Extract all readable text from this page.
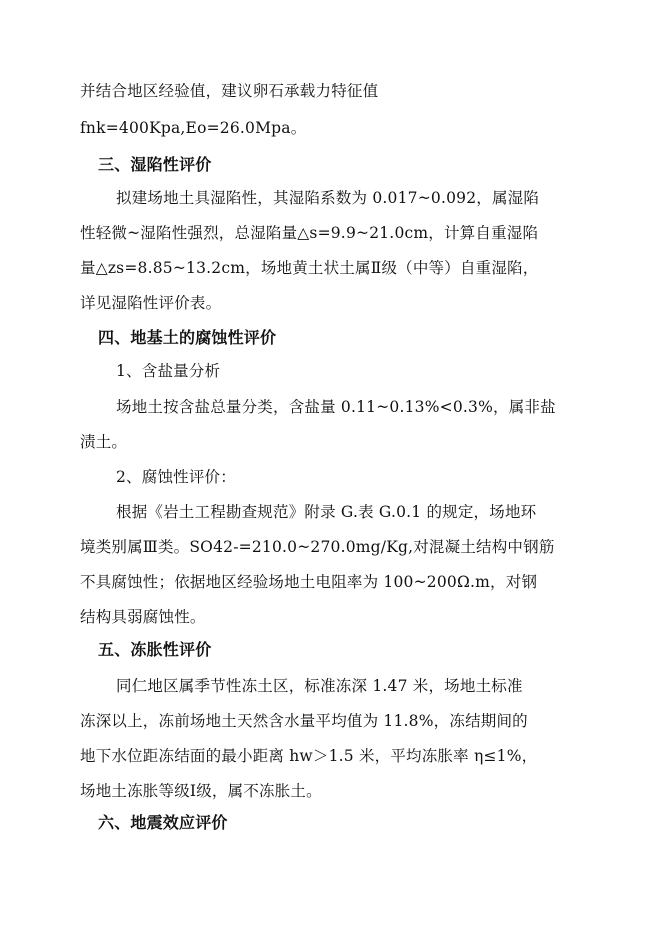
并结合地区经验值，建议卵石承载力特征值
fnk=400Kpa,Eo=26.0Mpa。
三、湿陷性评价
拟建场地土具湿陷性，其湿陷系数为 0.017~0.092，属湿陷
性轻微~湿陷性强烈，总湿陷量△s=9.9~21.0cm，计算自重湿陷
量△zs=8.85~13.2cm，场地黄土状土属Ⅱ级（中等）自重湿陷，
详见湿陷性评价表。
四、地基土的腐蚀性评价
1、含盐量分析
场地土按含盐总量分类，含盐量 0.11~0.13%<0.3%，属非盐
渍土。
2、腐蚀性评价：
根据《岩土工程勘查规范》附录 G.表 G.0.1 的规定，场地环
境类别属Ⅲ类。SO42-=210.0~270.0mg/Kg,对混凝土结构中钢筋
不具腐蚀性；依据地区经验场地土电阻率为 100~200Ω.m，对钢
结构具弱腐蚀性。
五、冻胀性评价
同仁地区属季节性冻土区，标准冻深 1.47 米，场地土标准
冻深以上，冻前场地土天然含水量平均值为 11.8%，冻结期间的
地下水位距冻结面的最小距离 hw＞1.5 米，平均冻胀率 η≤1%，
场地土冻胀等级Ⅰ级，属不冻胀土。
六、地震效应评价
